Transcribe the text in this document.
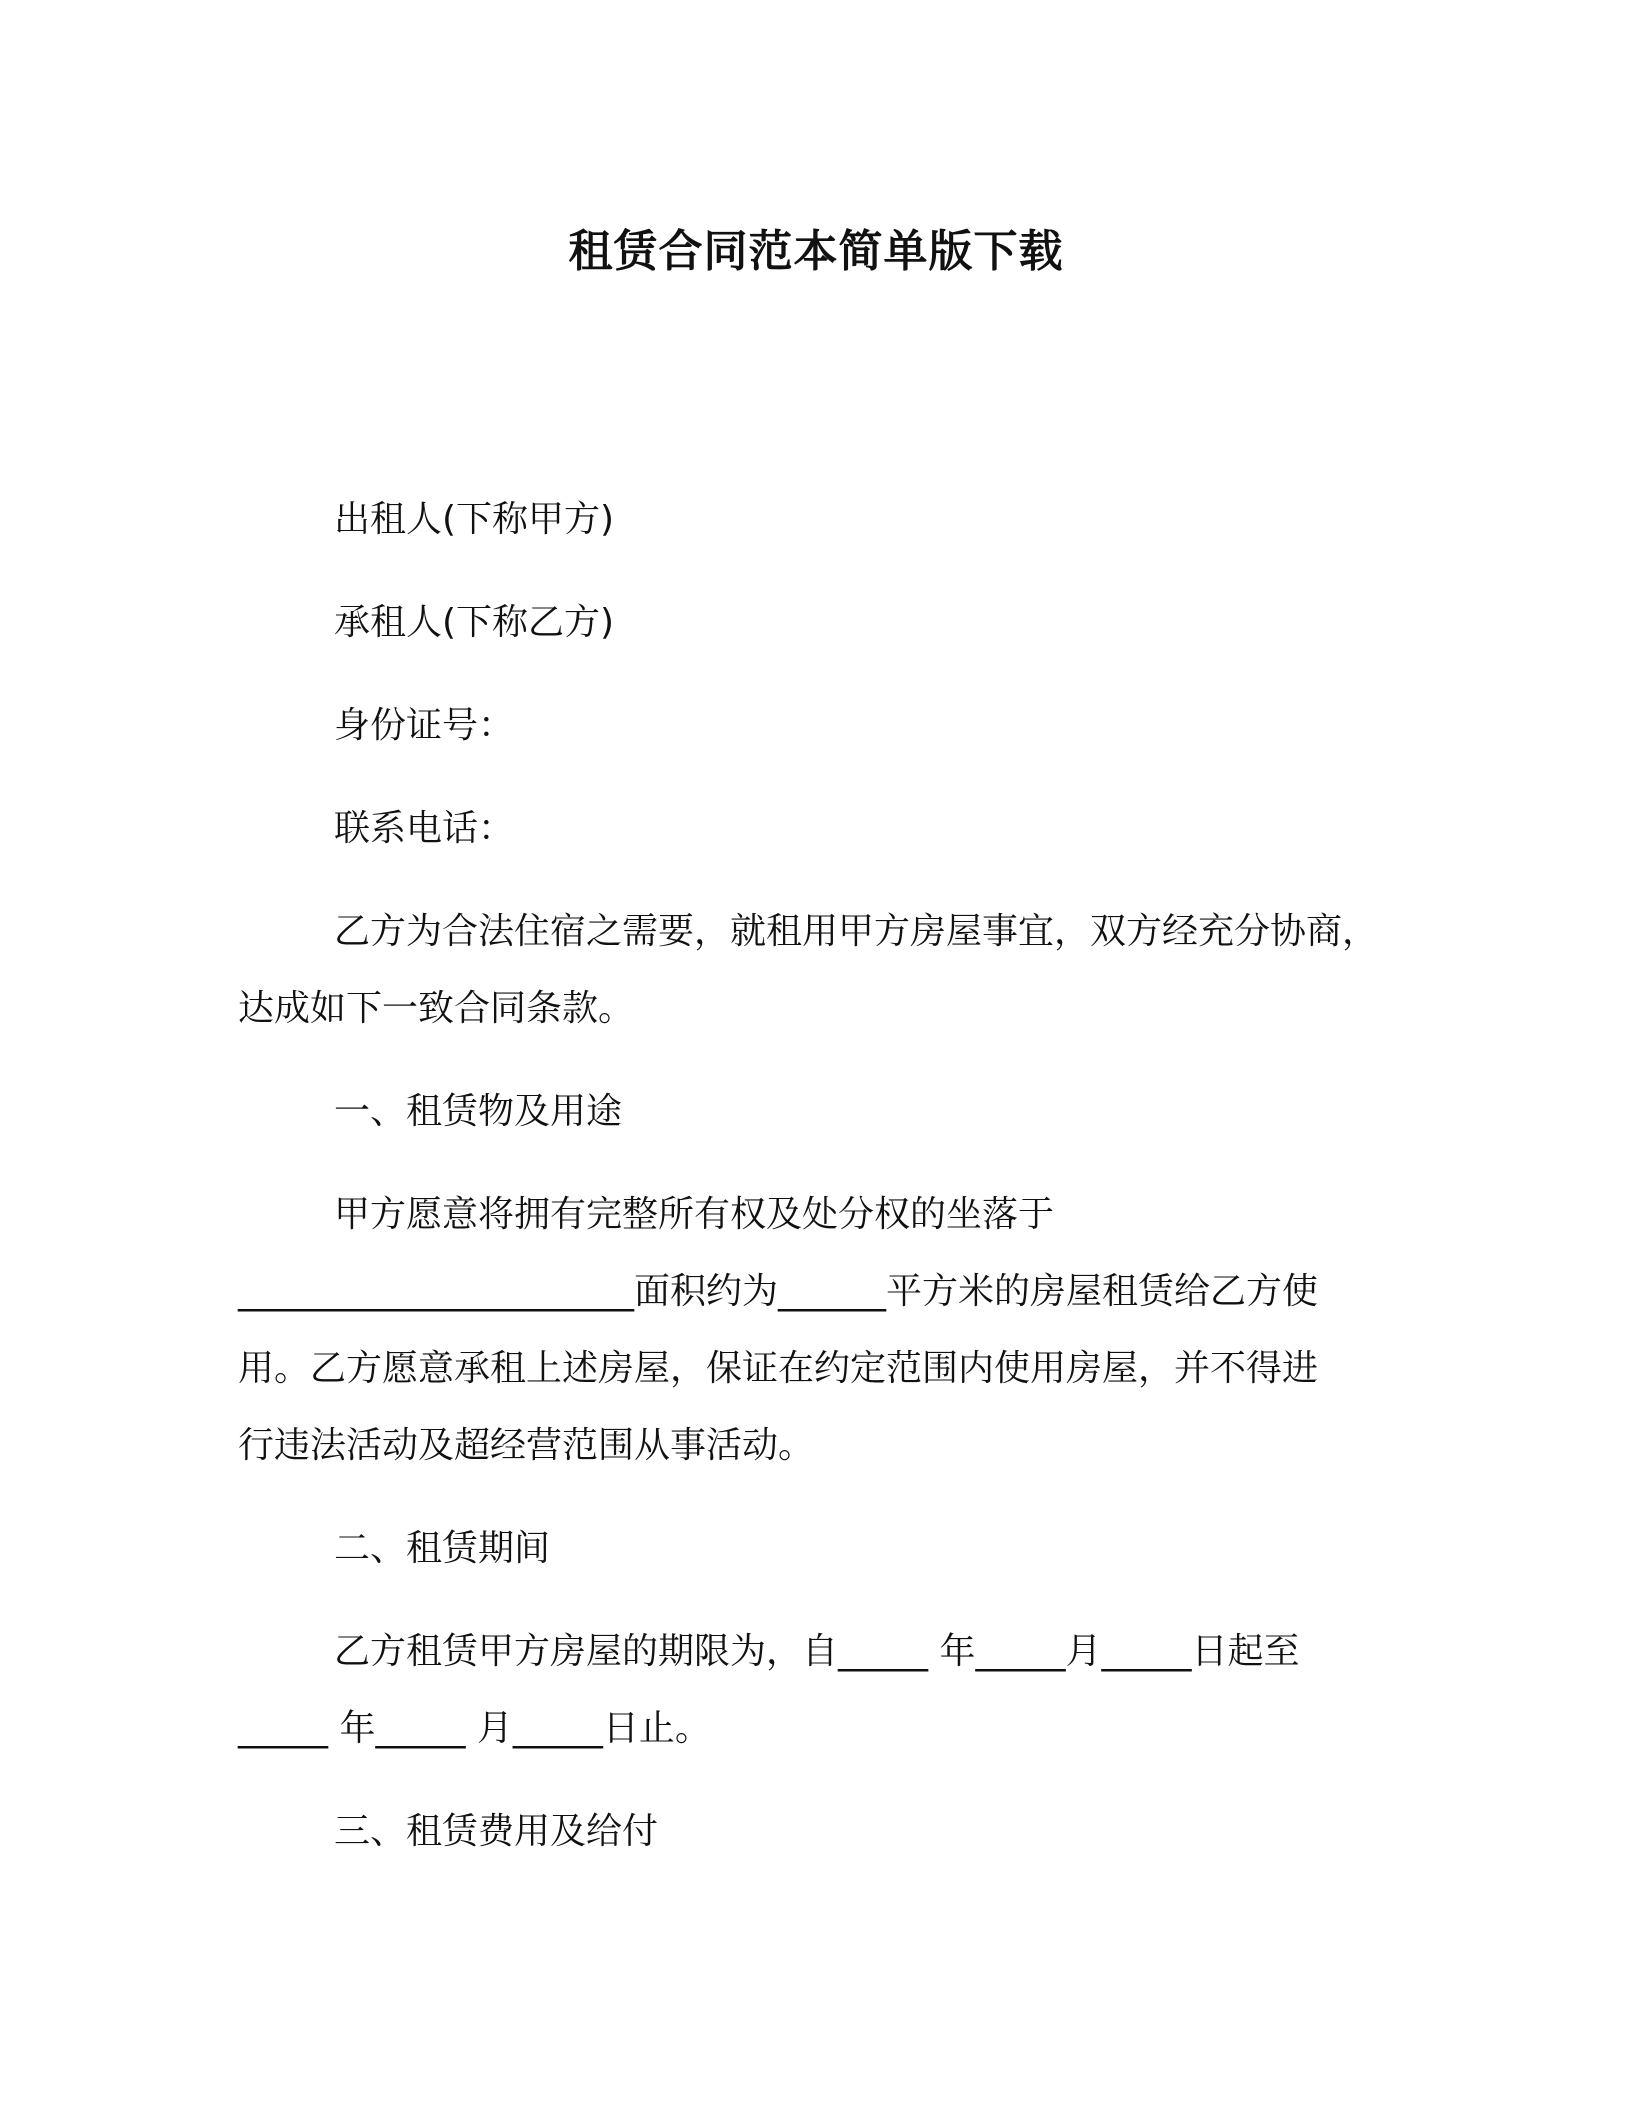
租赁合同范本简单版下载

出租人(下称甲方)

承租人(下称乙方)

身份证号：

联系电话：

乙方为合法住宿之需要，就租用甲方房屋事宜，双方经充分协商，

达成如下一致合同条款。

一、租赁物及用途

甲方愿意将拥有完整所有权及处分权的坐落于

______________________面积约为______平方米的房屋租赁给乙方使

用。乙方愿意承租上述房屋，保证在约定范围内使用房屋，并不得进

行违法活动及超经营范围从事活动。

二、租赁期间

乙方租赁甲方房屋的期限为，自_____ 年_____月_____日起至

_____ 年_____ 月_____日止。

三、租赁费用及给付
